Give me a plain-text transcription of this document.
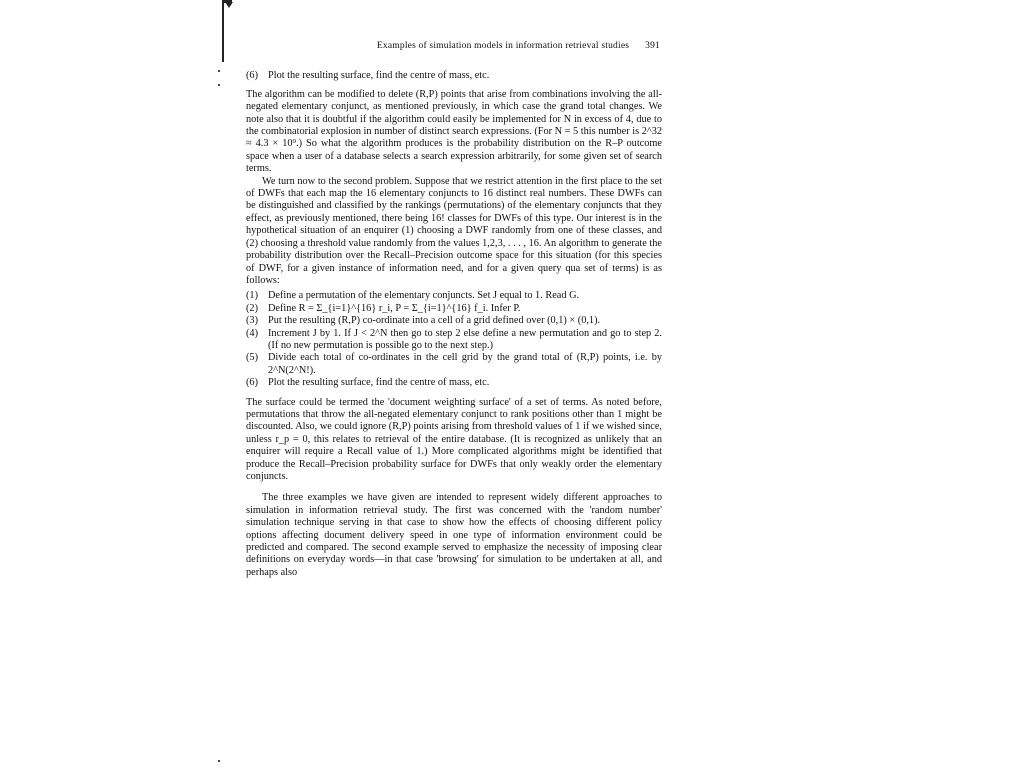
Examples of simulation models in information retrieval studies 391
(6) Plot the resulting surface, find the centre of mass, etc.

The algorithm can be modified to delete (R,P) points that arise from combinations involving the all-negated elementary conjunct, as mentioned previously, in which case the grand total changes. We note also that it is doubtful if the algorithm could easily be implemented for N in excess of 4, due to the combinatorial explosion in number of distinct search expressions. (For N = 5 this number is 2^32 ≈ 4.3 × 10⁹.) So what the algorithm produces is the probability distribution on the R–P outcome space when a user of a database selects a search expression arbitrarily, for some given set of search terms.

We turn now to the second problem. Suppose that we restrict attention in the first place to the set of DWFs that each map the 16 elementary conjuncts to 16 distinct real numbers. These DWFs can be distinguished and classified by the rankings (permutations) of the elementary conjuncts that they effect, as previously mentioned, there being 16! classes for DWFs of this type. Our interest is in the hypothetical situation of an enquirer (1) choosing a DWF randomly from one of these classes, and (2) choosing a threshold value randomly from the values 1,2,3, . . . , 16. An algorithm to generate the probability distribution over the Recall–Precision outcome space for this situation (for this species of DWF, for a given instance of information need, and for a given query qua set of terms) is as follows:

(1) Define a permutation of the elementary conjuncts. Set J equal to 1. Read G.
(2) Define R = Σ_{i=1}^{16} r_i, P = Σ_{i=1}^{16} f_i. Infer P.
(3) Put the resulting (R,P) co-ordinate into a cell of a grid defined over (0,1) × (0,1).
(4) Increment J by 1. If J < 2^N then go to step 2 else define a new permutation and go to step 2. (If no new permutation is possible go to the next step.)
(5) Divide each total of co-ordinates in the cell grid by the grand total of (R,P) points, i.e. by 2^N(2^N!).
(6) Plot the resulting surface, find the centre of mass, etc.

The surface could be termed the 'document weighting surface' of a set of terms. As noted before, permutations that throw the all-negated elementary conjunct to rank positions other than 1 might be discounted. Also, we could ignore (R,P) points arising from threshold values of 1 if we wished since, unless r_p = 0, this relates to retrieval of the entire database. (It is recognized as unlikely that an enquirer will require a Recall value of 1.) More complicated algorithms might be identified that produce the Recall–Precision probability surface for DWFs that only weakly order the elementary conjuncts.

The three examples we have given are intended to represent widely different approaches to simulation in information retrieval study. The first was concerned with the 'random number' simulation technique serving in that case to show how the effects of choosing different policy options affecting document delivery speed in one type of information environment could be predicted and compared. The second example served to emphasize the necessity of imposing clear definitions on everyday words—in that case 'browsing' for simulation to be undertaken at all, and perhaps also
